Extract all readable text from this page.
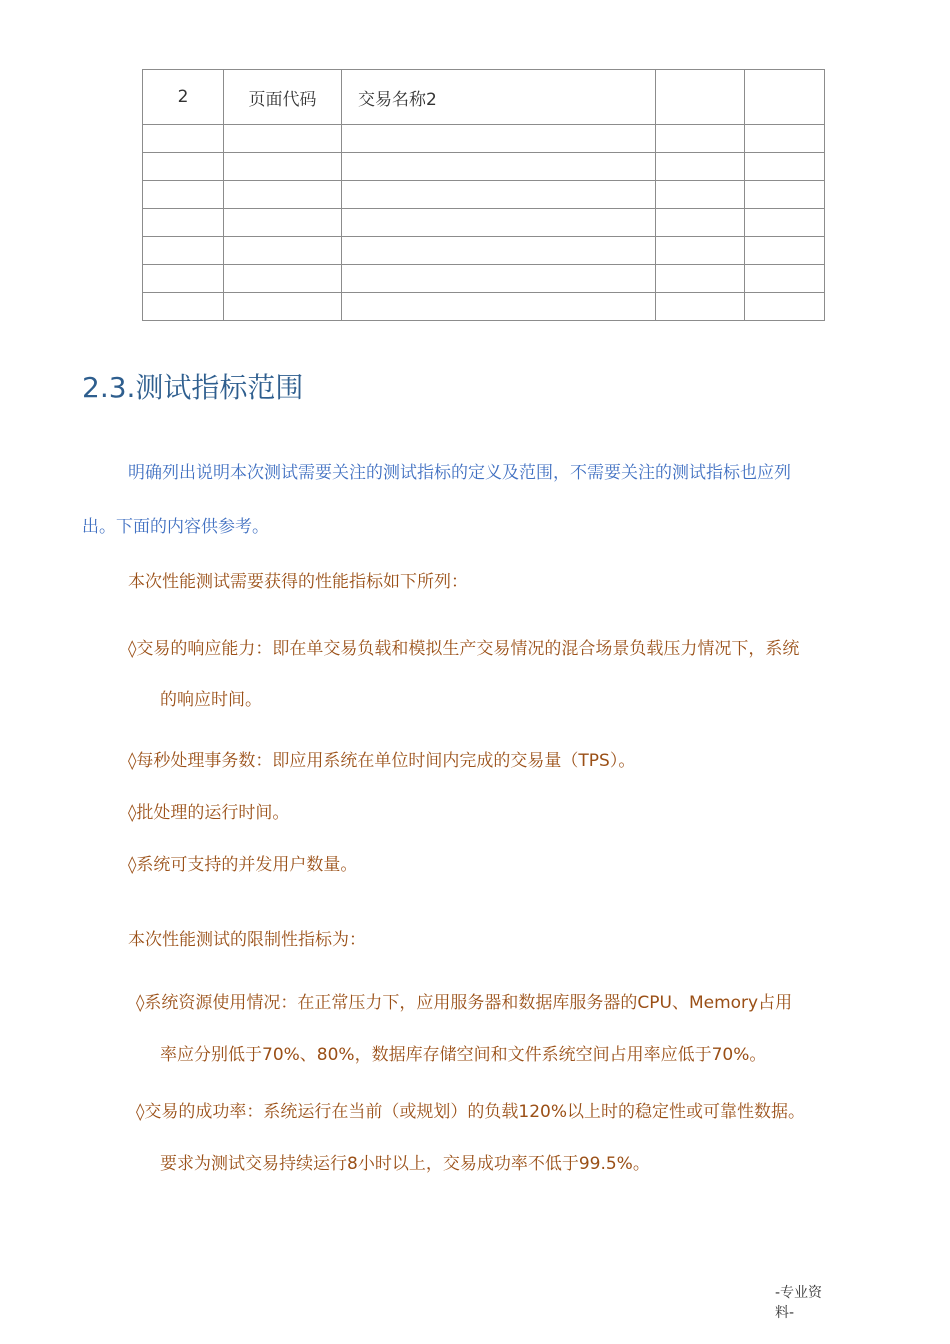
2	页面代码	交易名称2		

2.3.测试指标范围
明确列出说明本次测试需要关注的测试指标的定义及范围，不需要关注的测试指标也应列
出。下面的内容供参考。
本次性能测试需要获得的性能指标如下所列：
◊交易的响应能力：即在单交易负载和模拟生产交易情况的混合场景负载压力情况下，系统
的响应时间。
◊每秒处理事务数：即应用系统在单位时间内完成的交易量（TPS）。
◊批处理的运行时间。
◊系统可支持的并发用户数量。
本次性能测试的限制性指标为：
◊系统资源使用情况：在正常压力下，应用服务器和数据库服务器的CPU、Memory占用
率应分别低于70%、80%，数据库存储空间和文件系统空间占用率应低于70%。
◊交易的成功率：系统运行在当前（或规划）的负载120%以上时的稳定性或可靠性数据。
要求为测试交易持续运行8小时以上，交易成功率不低于99.5%。
-专业资
料-
